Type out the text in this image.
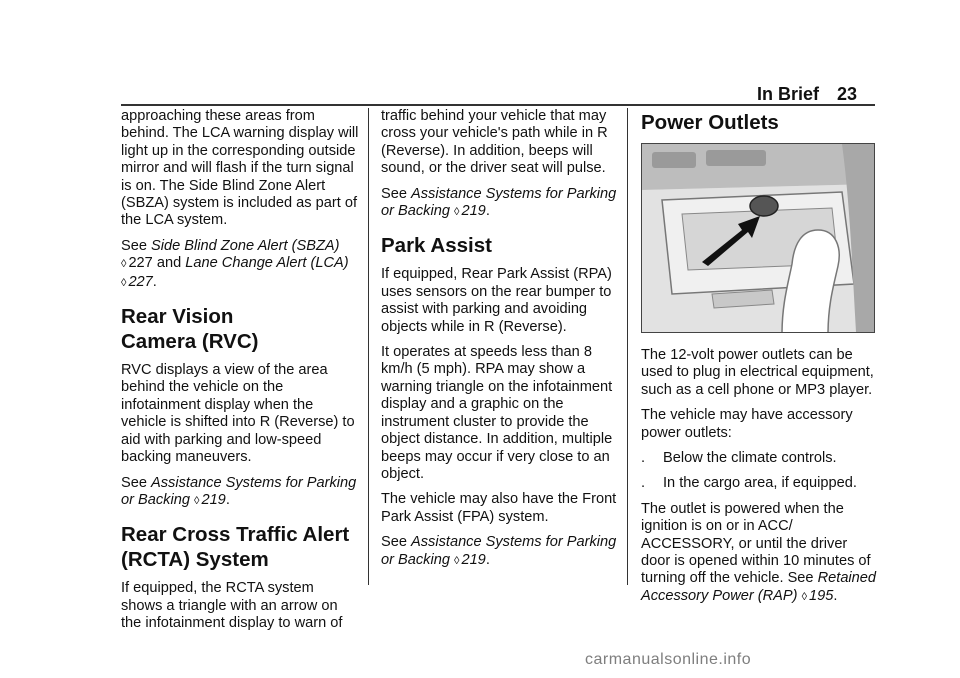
In Brief 23

approaching these areas from behind. The LCA warning display will light up in the corresponding outside mirror and will flash if the turn signal is on. The Side Blind Zone Alert (SBZA) system is included as part of the LCA system.

See Side Blind Zone Alert (SBZA)
◊ 227 and Lane Change Alert (LCA)
◊ 227.

Rear Vision
Camera (RVC)

RVC displays a view of the area behind the vehicle on the infotainment display when the vehicle is shifted into R (Reverse) to aid with parking and low-speed backing maneuvers.

See Assistance Systems for Parking or Backing ◊ 219.

Rear Cross Traffic Alert
(RCTA) System

If equipped, the RCTA system shows a triangle with an arrow on the infotainment display to warn of

traffic behind your vehicle that may cross your vehicle's path while in R (Reverse). In addition, beeps will sound, or the driver seat will pulse.

See Assistance Systems for Parking or Backing ◊ 219.

Park Assist

If equipped, Rear Park Assist (RPA) uses sensors on the rear bumper to assist with parking and avoiding objects while in R (Reverse).

It operates at speeds less than 8 km/h (5 mph). RPA may show a warning triangle on the infotainment display and a graphic on the instrument cluster to provide the object distance. In addition, multiple beeps may occur if very close to an object.

The vehicle may also have the Front Park Assist (FPA) system.

See Assistance Systems for Parking or Backing ◊ 219.

Power Outlets

The 12-volt power outlets can be used to plug in electrical equipment, such as a cell phone or MP3 player.

The vehicle may have accessory power outlets:

.	Below the climate controls.
.	In the cargo area, if equipped.

The outlet is powered when the ignition is on or in ACC/ ACCESSORY, or until the driver door is opened within 10 minutes of turning off the vehicle. See Retained Accessory Power (RAP) ◊ 195.

carmanualsonline.info
